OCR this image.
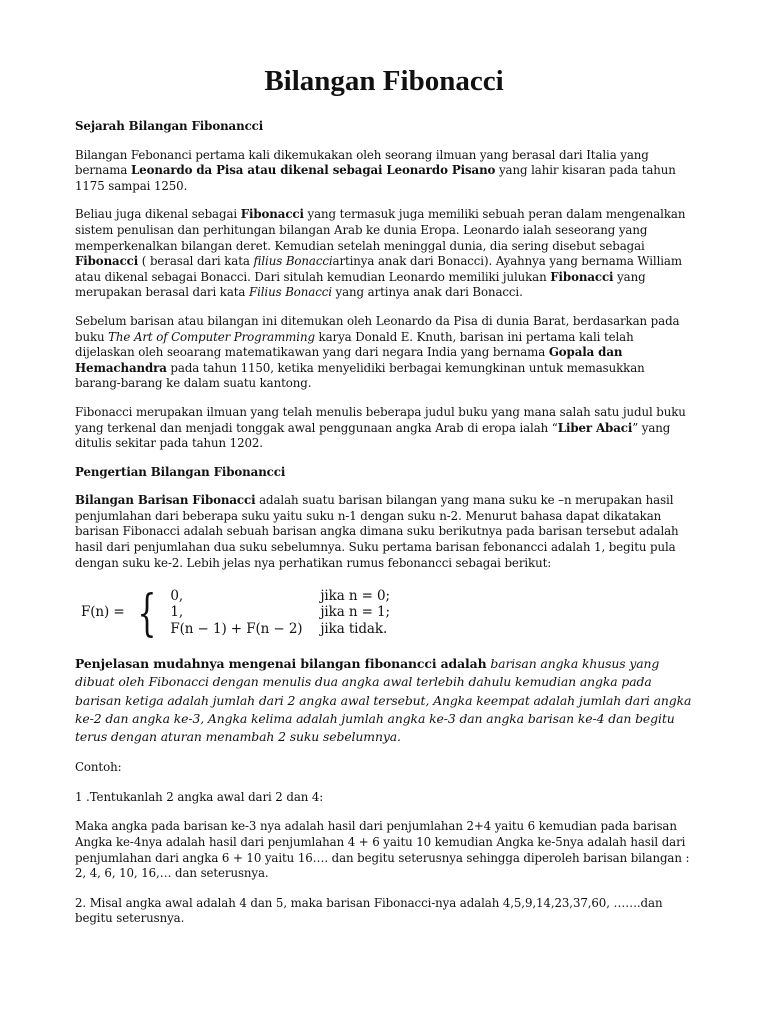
Bilangan Fibonacci

Sejarah Bilangan Fibonancci

Bilangan Febonanci pertama kali dikemukakan oleh seorang ilmuan yang berasal dari Italia yang bernama Leonardo da Pisa atau dikenal sebagai Leonardo Pisano yang lahir kisaran pada tahun 1175 sampai 1250.

Beliau juga dikenal sebagai Fibonacci yang termasuk juga memiliki sebuah peran dalam mengenalkan sistem penulisan dan perhitungan bilangan Arab ke dunia Eropa. Leonardo ialah seseorang yang memperkenalkan bilangan deret. Kemudian setelah meninggal dunia, dia sering disebut sebagai Fibonacci ( berasal dari kata filius Bonacciartinya anak dari Bonacci). Ayahnya yang bernama William atau dikenal sebagai Bonacci. Dari situlah kemudian Leonardo memiliki julukan Fibonacci yang merupakan berasal dari kata Filius Bonacci yang artinya anak dari Bonacci.

Sebelum barisan atau bilangan ini ditemukan oleh Leonardo da Pisa di dunia Barat, berdasarkan pada buku The Art of Computer Programming karya Donald E. Knuth, barisan ini pertama kali telah dijelaskan oleh seoarang matematikawan yang dari negara India yang bernama Gopala dan Hemachandra pada tahun 1150, ketika menyelidiki berbagai kemungkinan untuk memasukkan barang-barang ke dalam suatu kantong.

Fibonacci merupakan ilmuan yang telah menulis beberapa judul buku yang mana salah satu judul buku yang terkenal dan menjadi tonggak awal penggunaan angka Arab di eropa ialah “Liber Abaci” yang ditulis sekitar pada tahun 1202.

Pengertian Bilangan Fibonancci

Bilangan Barisan Fibonacci adalah suatu barisan bilangan yang mana suku ke –n merupakan hasil penjumlahan dari beberapa suku yaitu suku n-1 dengan suku n-2. Menurut bahasa dapat dikatakan barisan Fibonacci adalah sebuah barisan angka dimana suku berikutnya pada barisan tersebut adalah hasil dari penjumlahan dua suku sebelumnya. Suku pertama barisan febonancci adalah 1, begitu pula dengan suku ke-2. Lebih jelas nya perhatikan rumus febonancci sebagai berikut:

F(n) = { 0,	jika n = 0;
1,	jika n = 1;
F(n − 1) + F(n − 2)	jika tidak.

Penjelasan mudahnya mengenai bilangan fibonancci adalah barisan angka khusus yang dibuat oleh Fibonacci dengan menulis dua angka awal terlebih dahulu kemudian angka pada barisan ketiga adalah jumlah dari 2 angka awal tersebut, Angka keempat adalah jumlah dari angka ke-2 dan angka ke-3, Angka kelima adalah jumlah angka ke-3 dan angka barisan ke-4 dan begitu terus dengan aturan menambah 2 suku sebelumnya.

Contoh:

1 .Tentukanlah 2 angka awal dari 2 dan 4:

Maka angka pada barisan ke-3 nya adalah hasil dari penjumlahan 2+4 yaitu 6 kemudian pada barisan Angka ke-4nya adalah hasil dari penjumlahan 4 + 6 yaitu 10 kemudian Angka ke-5nya adalah hasil dari penjumlahan dari angka 6 + 10 yaitu 16…. dan begitu seterusnya sehingga diperoleh barisan bilangan : 2, 4, 6, 10, 16,… dan seterusnya.

2. Misal angka awal adalah 4 dan 5, maka barisan Fibonacci-nya adalah 4,5,9,14,23,37,60, …….dan begitu seterusnya.
